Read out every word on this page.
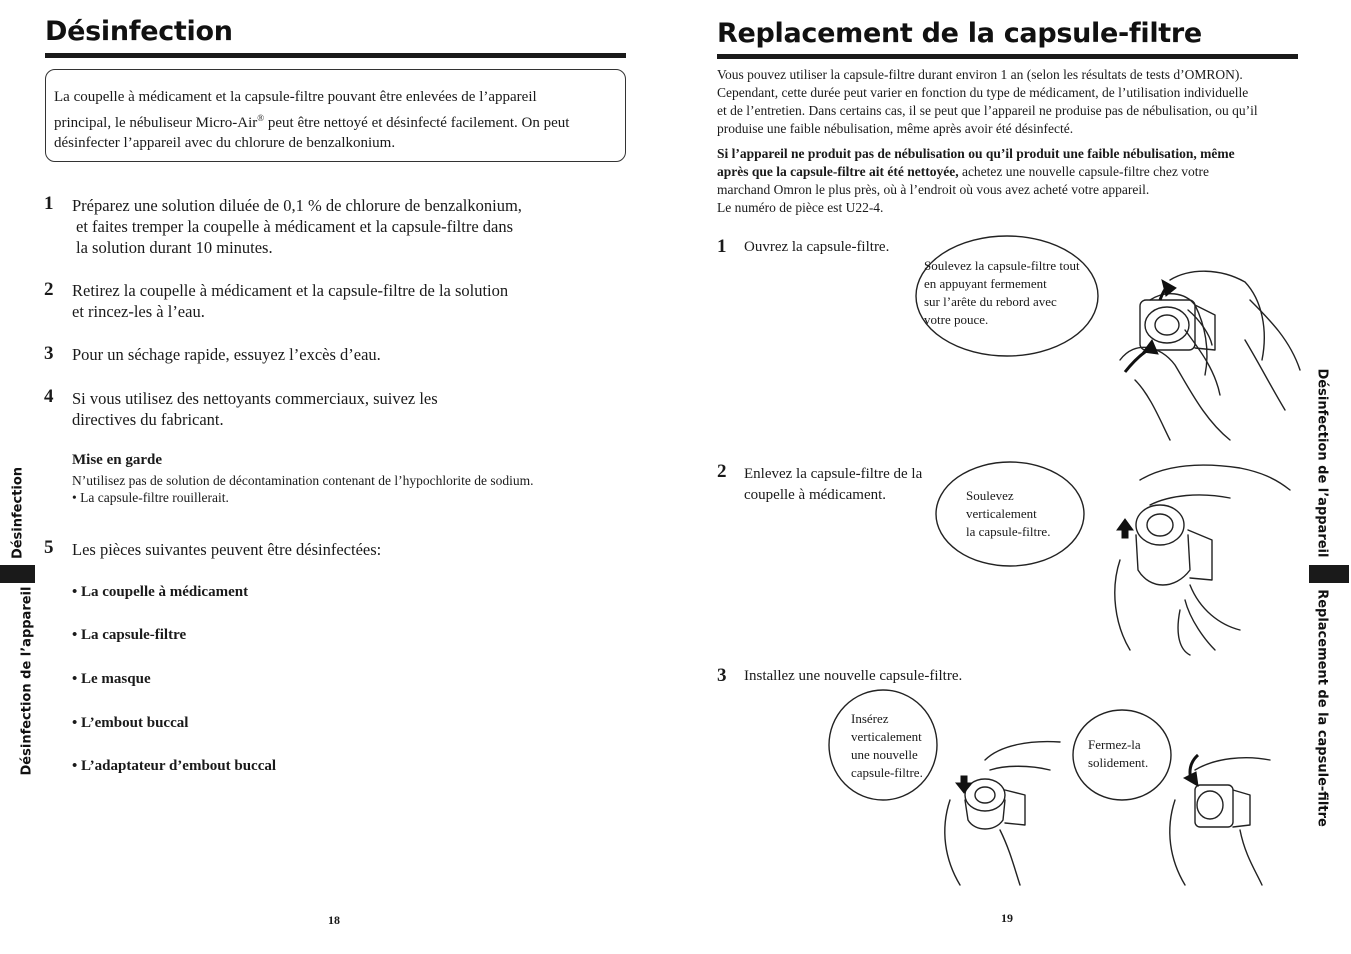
Désinfection
La coupelle à médicament et la capsule-filtre pouvant être enlevées de l’appareil
principal, le nébuliseur Micro-Air® peut être nettoyé et désinfecté facilement. On peut
désinfecter l’appareil avec du chlorure de benzalkonium.
1 Préparez une solution diluée de 0,1 % de chlorure de benzalkonium,
et faites tremper la coupelle à médicament et la capsule-filtre dans
la solution durant 10 minutes.
2 Retirez la coupelle à médicament et la capsule-filtre de la solution
et rincez-les à l’eau.
3 Pour un séchage rapide, essuyez l’excès d’eau.
4 Si vous utilisez des nettoyants commerciaux, suivez les
directives du fabricant.
Mise en garde
N’utilisez pas de solution de décontamination contenant de l’hypochlorite de sodium.
• La capsule-filtre rouillerait.
5 Les pièces suivantes peuvent être désinfectées:
• La coupelle à médicament
• La capsule-filtre
• Le masque
• L’embout buccal
• L’adaptateur d’embout buccal
Désinfection
Désinfection de l’appareil
18
Replacement de la capsule-filtre
Vous pouvez utiliser la capsule-filtre durant environ 1 an (selon les résultats de tests d’OMRON).
Cependant, cette durée peut varier en fonction du type de médicament, de l’utilisation individuelle
et de l’entretien. Dans certains cas, il se peut que l’appareil ne produise pas de nébulisation, ou qu’il
produise une faible nébulisation, même après avoir été désinfecté.
Si l’appareil ne produit pas de nébulisation ou qu’il produit une faible nébulisation, même
après que la capsule-filtre ait été nettoyée, achetez une nouvelle capsule-filtre chez votre
marchand Omron le plus près, où à l’endroit où vous avez acheté votre appareil.
Le numéro de pièce est U22-4.
1 Ouvrez la capsule-filtre.
2 Enlevez la capsule-filtre de la
coupelle à médicament.
3 Installez une nouvelle capsule-filtre.
Soulevez la capsule-filtre tout
en appuyant fermement
sur l’arête du rebord avec
votre pouce.
Soulevez
verticalement
la capsule-filtre.
Insérez
verticalement
une nouvelle
capsule-filtre.
Fermez-la
solidement.
Désinfection de l’appareil
Replacement de la capsule-filtre
19
